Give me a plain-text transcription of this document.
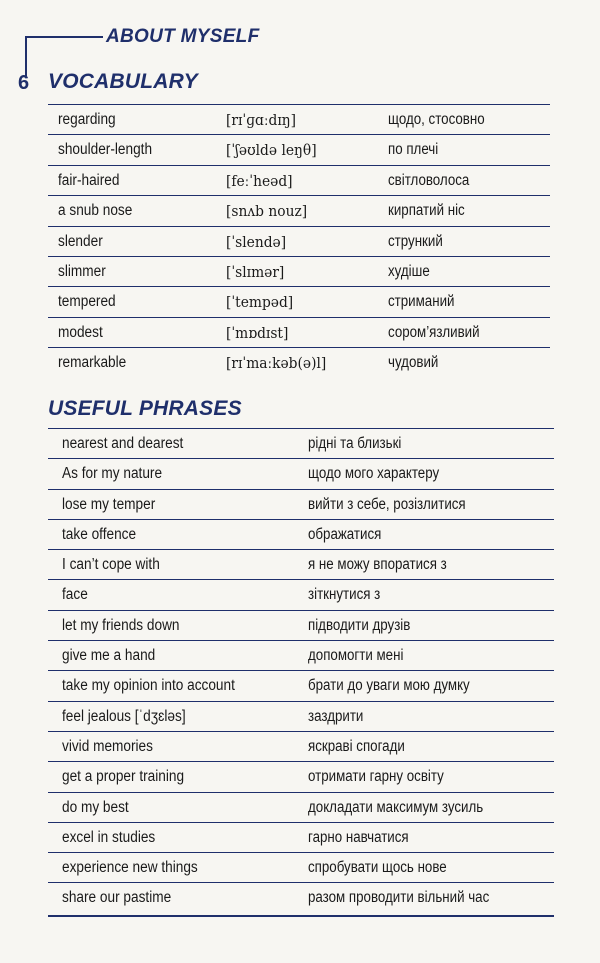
ABOUT MYSELF
6 VOCABULARY
regarding	[rɪˈɡɑːdɪŋ]	щодо, стосовно
shoulder-length	[ˈʃəʊldə leŋθ]	по плечі
fair-haired	[feːˈheəd]	світловолоса
a snub nose	[snʌb nouz]	кирпатий ніс
slender	[ˈslendə]	стрункий
slimmer	[ˈslɪmər]	худіше
tempered	[ˈtempəd]	стриманий
modest	[ˈmɒdɪst]	сором’язливий
remarkable	[rɪˈmaːkəb(ə)l]	чудовий
USEFUL PHRASES
nearest and dearest	рідні та близькі
As for my nature	щодо мого характеру
lose my temper	вийти з себе, розізлитися
take offence	ображатися
I can’t cope with	я не можу впоратися з
face	зіткнутися з
let my friends down	підводити друзів
give me a hand	допомогти мені
take my opinion into account	брати до уваги мою думку
feel jealous [ˈdʒɛləs]	заздрити
vivid memories	яскраві спогади
get a proper training	отримати гарну освіту
do my best	докладати максимум зусиль
excel in studies	гарно навчатися
experience new things	спробувати щось нове
share our pastime	разом проводити вільний час
